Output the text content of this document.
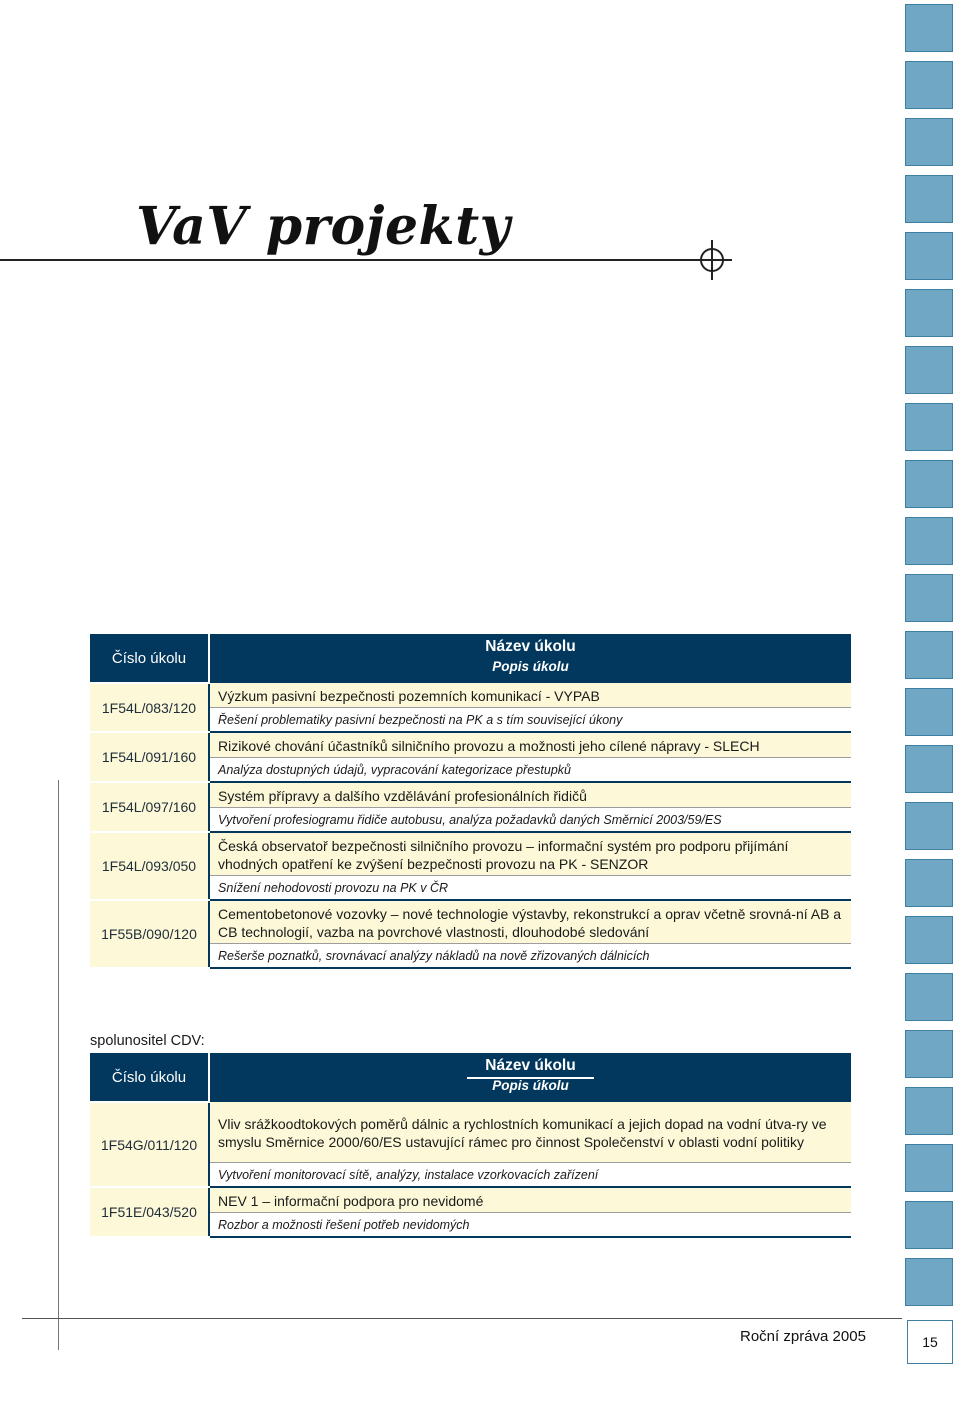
VaV projekty
Číslo úkolu	Název úkolu
Popis úkolu

1F54L/083/120	Výzkum pasivní bezpečnosti pozemních komunikací - VYPAB
	Řešení problematiky pasivní bezpečnosti na PK a s tím související úkony
1F54L/091/160	Rizikové chování účastníků silničního provozu a možnosti jeho cílené nápravy - SLECH
	Analýza dostupných údajů, vypracování kategorizace přestupků
1F54L/097/160	Systém přípravy a dalšího vzdělávání profesionálních řidičů
	Vytvoření profesiogramu řidiče autobusu, analýza požadavků daných Směrnicí 2003/59/ES
1F54L/093/050	Česká observatoř bezpečnosti silničního provozu – informační systém pro podporu přijímání vhodných opatření ke zvýšení bezpečnosti provozu na PK - SENZOR
	Snížení nehodovosti provozu na PK v ČR
1F55B/090/120	Cementobetonové vozovky – nové technologie výstavby, rekonstrukcí a oprav včetně srovná-ní AB a CB technologií, vazba na povrchové vlastnosti, dlouhodobé sledování
	Rešerše poznatků, srovnávací analýzy nákladů na nově zřizovaných dálnicích
spolunositel CDV:
Číslo úkolu	Název úkolu
Popis úkolu

1F54G/011/120	Vliv srážkoodtokových poměrů dálnic a rychlostních komunikací a jejich dopad na vodní útva-ry ve smyslu Směrnice 2000/60/ES ustavující rámec pro činnost Společenství v oblasti vodní politiky
	Vytvoření monitorovací sítě, analýzy, instalace vzorkovacích zařízení
1F51E/043/520	NEV 1 – informační podpora pro nevidomé
	Rozbor a možnosti řešení potřeb nevidomých
Roční zpráva 2005	15
